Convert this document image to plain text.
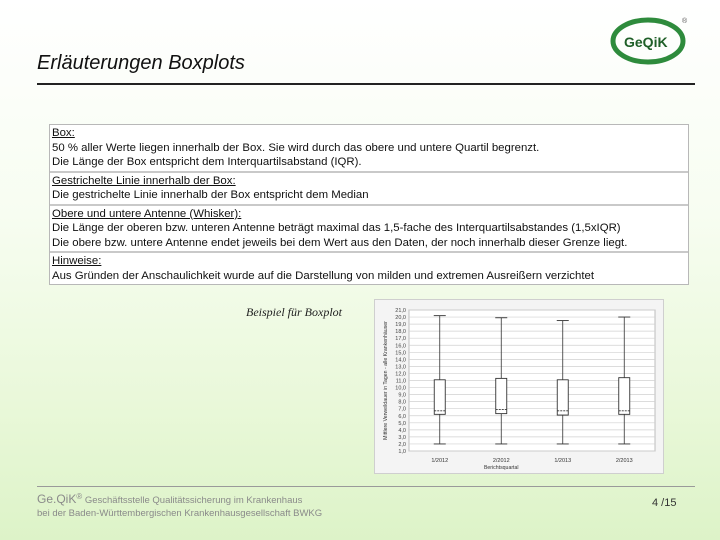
Erläuterungen Boxplots
GeQiK
®
Box:
50 % aller Werte liegen innerhalb der Box. Sie wird durch das obere und untere Quartil begrenzt.
Die Länge der Box entspricht dem Interquartilsabstand (IQR).
Gestrichelte Linie innerhalb der Box:
Die gestrichelte Linie innerhalb der Box entspricht dem Median
Obere und untere Antenne (Whisker):
Die Länge der oberen bzw. unteren Antenne beträgt maximal das 1,5-fache des Interquartilsabstandes (1,5xIQR)
Die obere bzw. untere Antenne endet jeweils bei dem Wert aus den Daten, der noch innerhalb dieser Grenze liegt.
Hinweise:
Aus Gründen der Anschaulichkeit wurde auf die Darstellung von milden und extremen Ausreißern verzichtet
Beispiel für Boxplot	21,0
20,0
19,0
18,0
17,0
16,0
15,0
14,0
13,0
12,0
11,0
10,0
9,0
8,0
7,0
6,0
5,0
4,0
3,0
2,0
1,0
Mittlere Verweildauer in Tagen - alle Krankenhäuser
1/2012	2/2012	1/2013	2/2013
Berichtsquartal
Ge.QiK® Geschäftsstelle Qualitätssicherung im Krankenhaus
bei der Baden-Württembergischen Krankenhausgesellschaft BWKG
4 /15
